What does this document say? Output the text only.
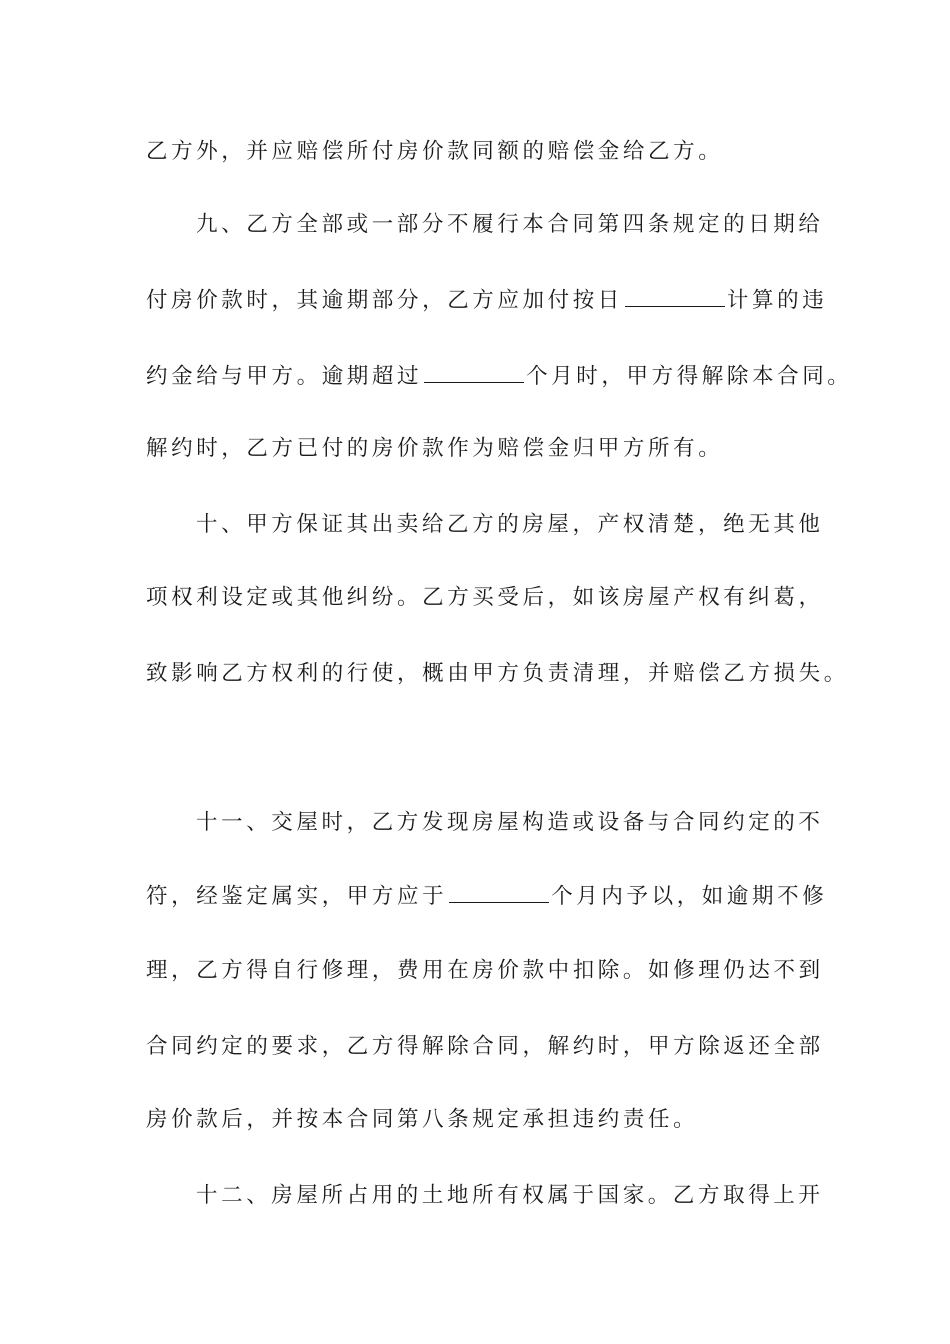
乙方外，并应赔偿所付房价款同额的赔偿金给乙方。
九、乙方全部或一部分不履行本合同第四条规定的日期给
付房价款时，其逾期部分，乙方应加付按日	计算的违
约金给与甲方。逾期超过	个月时，甲方得解除本合同。
解约时，乙方已付的房价款作为赔偿金归甲方所有。
十、甲方保证其出卖给乙方的房屋，产权清楚，绝无其他
项权利设定或其他纠纷。乙方买受后，如该房屋产权有纠葛，
致影响乙方权利的行使，概由甲方负责清理，并赔偿乙方损失。
十一、交屋时，乙方发现房屋构造或设备与合同约定的不
符，经鉴定属实，甲方应于	个月内予以，如逾期不修
理，乙方得自行修理，费用在房价款中扣除。如修理仍达不到
合同约定的要求，乙方得解除合同，解约时，甲方除返还全部
房价款后，并按本合同第八条规定承担违约责任。
十二、房屋所占用的土地所有权属于国家。乙方取得上开
